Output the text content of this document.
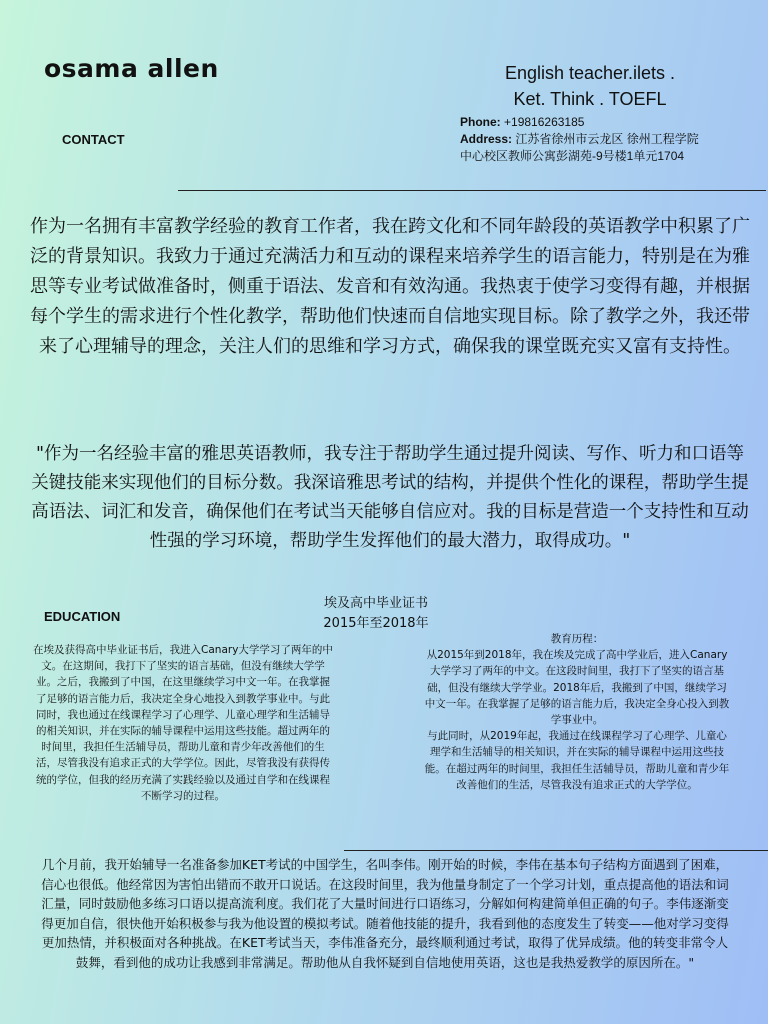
osama allen	English teacher.ilets .
Ket. Think . TOEFL
CONTACT
Phone: +19816263185
Address: 江苏省徐州市云龙区 徐州工程学院
中心校区教师公寓彭湖苑-9号楼1单元1704
作为一名拥有丰富教学经验的教育工作者，我在跨文化和不同年龄段的英语教学中积累了广泛的背景知识。我致力于通过充满活力和互动的课程来培养学生的语言能力，特别是在为雅思等专业考试做准备时，侧重于语法、发音和有效沟通。我热衷于使学习变得有趣，并根据每个学生的需求进行个性化教学，帮助他们快速而自信地实现目标。除了教学之外，我还带来了心理辅导的理念，关注人们的思维和学习方式，确保我的课堂既充实又富有支持性。
"作为一名经验丰富的雅思英语教师，我专注于帮助学生通过提升阅读、写作、听力和口语等关键技能来实现他们的目标分数。我深谙雅思考试的结构，并提供个性化的课程，帮助学生提高语法、词汇和发音，确保他们在考试当天能够自信应对。我的目标是营造一个支持性和互动性强的学习环境，帮助学生发挥他们的最大潜力，取得成功。"
EDUCATION
埃及高中毕业证书
2015年至2018年
在埃及获得高中毕业证书后，我进入Canary大学学习了两年的中文。在这期间，我打下了坚实的语言基础，但没有继续大学学业。之后，我搬到了中国，在这里继续学习中文一年。在我掌握了足够的语言能力后，我决定全身心地投入到教学事业中。与此同时，我也通过在线课程学习了心理学、儿童心理学和生活辅导的相关知识，并在实际的辅导课程中运用这些技能。超过两年的时间里，我担任生活辅导员，帮助儿童和青少年改善他们的生活，尽管我没有追求正式的大学学位。因此，尽管我没有获得传统的学位，但我的经历充满了实践经验以及通过自学和在线课程不断学习的过程。

教育历程：

从2015年到2018年，我在埃及完成了高中学业后，进入Canary大学学习了两年的中文。在这段时间里，我打下了坚实的语言基础，但没有继续大学学业。2018年后，我搬到了中国，继续学习中文一年。在我掌握了足够的语言能力后，我决定全身心投入到教学事业中。

与此同时，从2019年起，我通过在线课程学习了心理学、儿童心理学和生活辅导的相关知识，并在实际的辅导课程中运用这些技能。在超过两年的时间里，我担任生活辅导员，帮助儿童和青少年改善他们的生活，尽管我没有追求正式的大学学位。

几个月前，我开始辅导一名准备参加KET考试的中国学生，名叫李伟。刚开始的时候，李伟在基本句子结构方面遇到了困难，信心也很低。他经常因为害怕出错而不敢开口说话。在这段时间里，我为他量身制定了一个学习计划，重点提高他的语法和词汇量，同时鼓励他多练习口语以提高流利度。我们花了大量时间进行口语练习，分解如何构建简单但正确的句子。李伟逐渐变得更加自信，很快他开始积极参与我为他设置的模拟考试。随着他技能的提升，我看到他的态度发生了转变——他对学习变得更加热情，并积极面对各种挑战。在KET考试当天，李伟准备充分，最终顺利通过考试，取得了优异成绩。他的转变非常令人鼓舞，看到他的成功让我感到非常满足。帮助他从自我怀疑到自信地使用英语，这也是我热爱教学的原因所在。"
